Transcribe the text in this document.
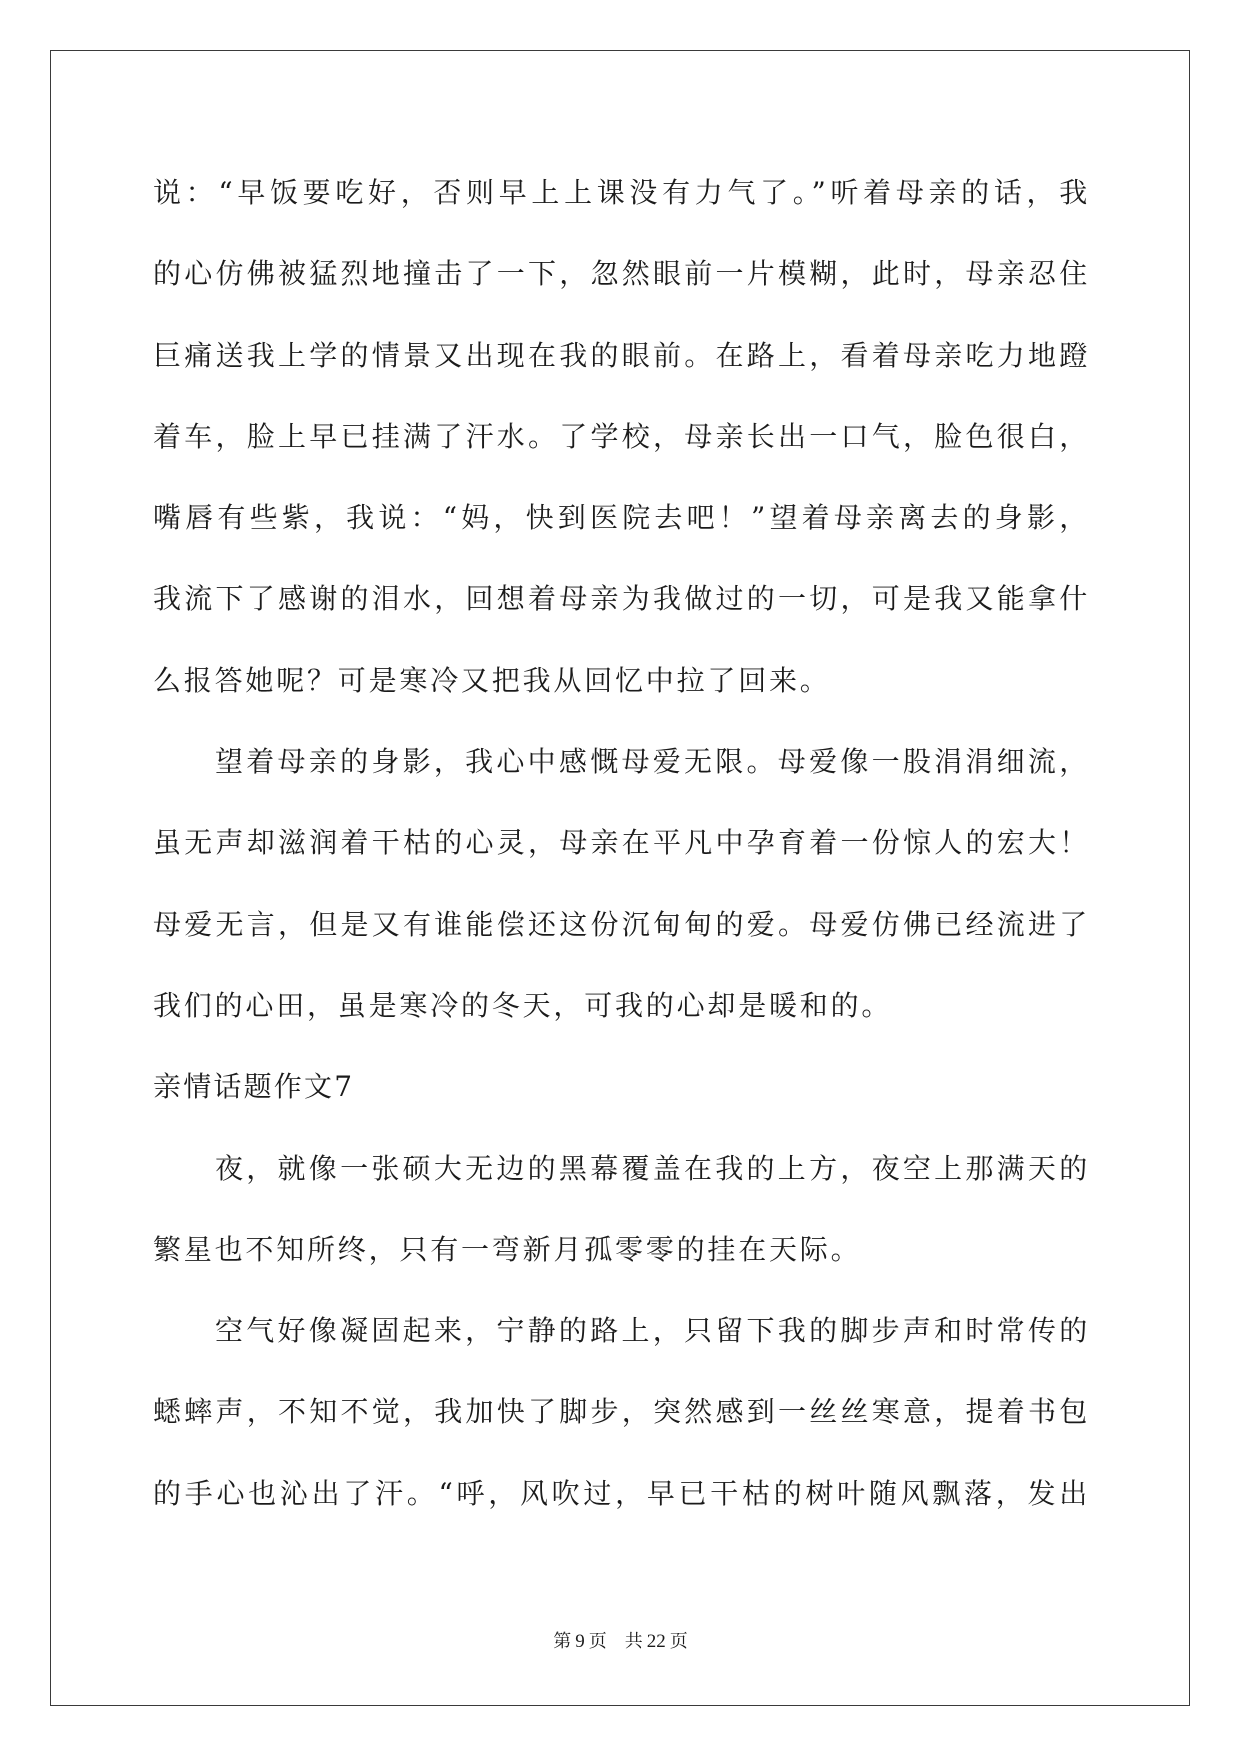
说：“早饭要吃好，否则早上上课没有力气了。”听着母亲的话，我
的心仿佛被猛烈地撞击了一下，忽然眼前一片模糊，此时，母亲忍住
巨痛送我上学的情景又出现在我的眼前。在路上，看着母亲吃力地蹬
着车，脸上早已挂满了汗水。了学校，母亲长出一口气，脸色很白，
嘴唇有些紫，我说：“妈，快到医院去吧！”望着母亲离去的身影，
我流下了感谢的泪水，回想着母亲为我做过的一切，可是我又能拿什
么报答她呢？可是寒冷又把我从回忆中拉了回来。
望着母亲的身影，我心中感慨母爱无限。母爱像一股涓涓细流，
虽无声却滋润着干枯的心灵，母亲在平凡中孕育着一份惊人的宏大！
母爱无言，但是又有谁能偿还这份沉甸甸的爱。母爱仿佛已经流进了
我们的心田，虽是寒冷的冬天，可我的心却是暖和的。
亲情话题作文7
夜，就像一张硕大无边的黑幕覆盖在我的上方，夜空上那满天的
繁星也不知所终，只有一弯新月孤零零的挂在天际。
空气好像凝固起来，宁静的路上，只留下我的脚步声和时常传的
蟋蟀声，不知不觉，我加快了脚步，突然感到一丝丝寒意，提着书包
的手心也沁出了汗。“呼，风吹过，早已干枯的树叶随风飘落，发出
第 9 页 共 22 页
